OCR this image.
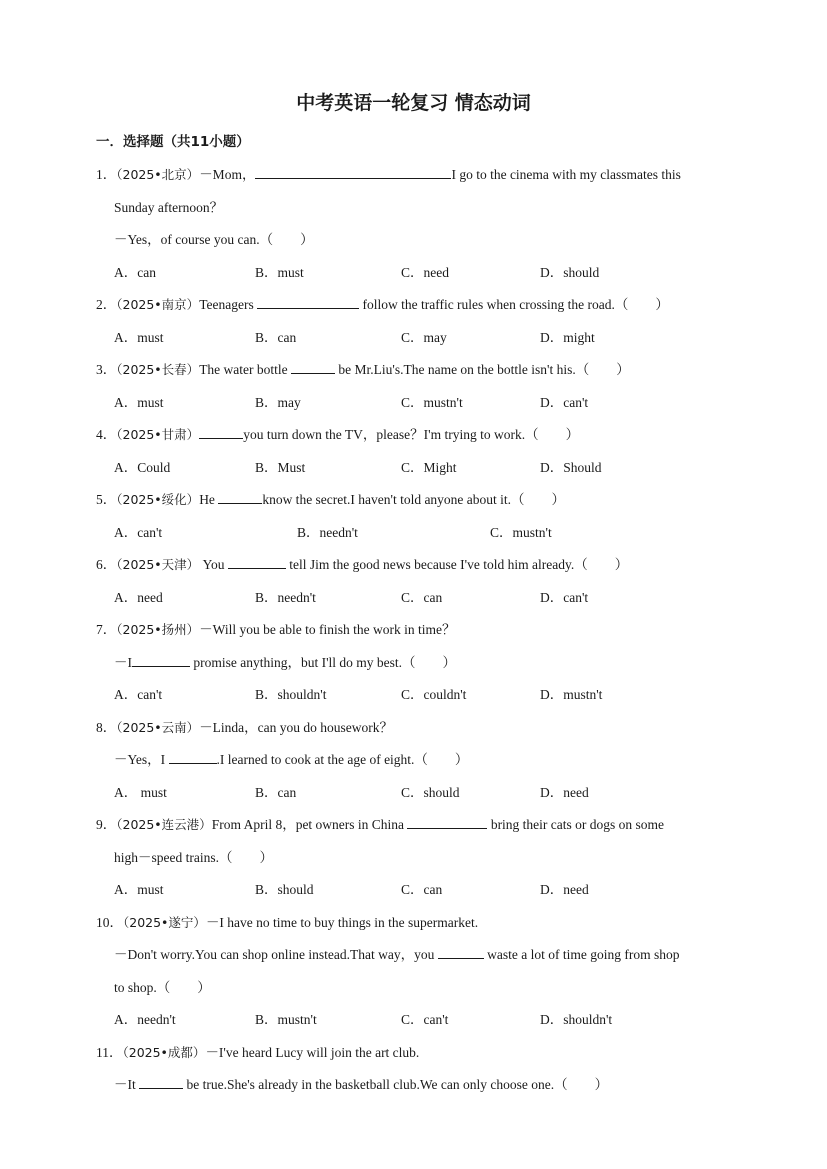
中考英语一轮复习 情态动词
一．选择题（共11小题）
1．（2025•北京）－Mom，	I go to the cinema with my classmates this
Sunday afternoon？
－Yes，of course you can.（　　）
A．can	B．must	C．need	D．should
2．（2025•南京）Teenagers	follow the traffic rules when crossing the road.（　　）
A．must	B．can	C．may	D．might
3．（2025•长春）The water bottle	be Mr.Liu's.The name on the bottle isn't his.（　　）
A．must	B．may	C．mustn't	D．can't
4．（2025•甘肃）	you turn down the TV，please？I'm trying to work.（　　）
A．Could	B．Must	C．Might	D．Should
5．（2025•绥化）He	know the secret.I haven't told anyone about it.（　　）
A．can't	B．needn't	C．mustn't
6．（2025•天津） You	tell Jim the good news because I've told him already.（　　）
A．need	B．needn't	C．can	D．can't
7．（2025•扬州）－Will you be able to finish the work in time？
－I	promise anything，but I'll do my best.（　　）
A．can't	B．shouldn't	C．couldn't	D．mustn't
8．（2025•云南）－Linda，can you do housework？
－Yes，I	.I learned to cook at the age of eight.（　　）
A． must	B．can	C．should	D．need
9．（2025•连云港）From April 8，pet owners in China	bring their cats or dogs on some
high－speed trains.（　　）
A．must	B．should	C．can	D．need
10．（2025•遂宁）－I have no time to buy things in the supermarket.
－Don't worry.You can shop online instead.That way，you	waste a lot of time going from shop
to shop.（　　）
A．needn't	B．mustn't	C．can't	D．shouldn't
11．（2025•成都）－I've heard Lucy will join the art club.
－It	be true.She's already in the basketball club.We can only choose one.（　　）
